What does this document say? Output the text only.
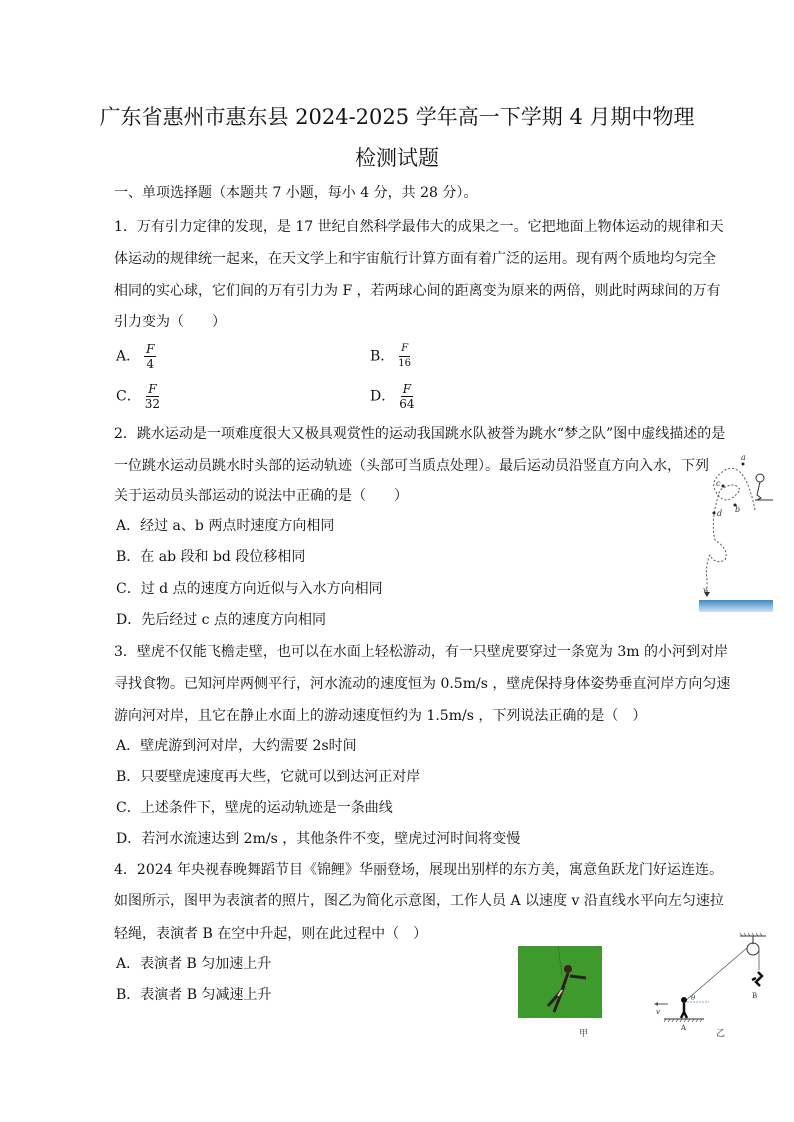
广东省惠州市惠东县 2024-2025 学年高一下学期 4 月期中物理
检测试题
一、单项选择题（本题共 7 小题，每小 4 分，共 28 分）。
1．万有引力定律的发现，是 17 世纪自然科学最伟大的成果之一。它把地面上物体运动的规律和天
体运动的规律统一起来，在天文学上和宇宙航行计算方面有着广泛的运用。现有两个质地均匀完全
相同的实心球，它们间的万有引力为 F ，若两球心间的距离变为原来的两倍，则此时两球间的万有
引力变为（　　）
A． $\frac{F}{4}$	B． $\frac{F}{16}$
C． $\frac{F}{32}$	D． $\frac{F}{64}$
2．跳水运动是一项难度很大又极具观赏性的运动我国跳水队被誉为跳水“梦之队”图中虚线描述的是
一位跳水运动员跳水时头部的运动轨迹（头部可当质点处理）。最后运动员沿竖直方向入水，下列
关于运动员头部运动的说法中正确的是（　　）
A．经过 a、b 两点时速度方向相同
B．在 ab 段和 bd 段位移相同
C．过 d 点的速度方向近似与入水方向相同
D．先后经过 c 点的速度方向相同
a
c
b
d
v
3．壁虎不仅能飞檐走壁，也可以在水面上轻松游动，有一只壁虎要穿过一条宽为 3m 的小河到对岸
寻找食物。已知河岸两侧平行，河水流动的速度恒为 0.5m/s ，壁虎保持身体姿势垂直河岸方向匀速
游向河对岸，且它在静止水面上的游动速度恒约为 1.5m/s ，下列说法正确的是（　）
A．壁虎游到河对岸，大约需要 2s时间
B．只要壁虎速度再大些，它就可以到达河正对岸
C．上述条件下，壁虎的运动轨迹是一条曲线
D．若河水流速达到 2m/s ，其他条件不变，壁虎过河时间将变慢
4．2024 年央视春晚舞蹈节目《锦鲤》华丽登场，展现出别样的东方美，寓意鱼跃龙门好运连连。
如图所示，图甲为表演者的照片，图乙为简化示意图，工作人员 A 以速度 v 沿直线水平向左匀速拉
轻绳，表演者 B 在空中升起，则在此过程中（　）
A．表演者 B 匀加速上升
B．表演者 B 匀减速上升
甲
θ
v
A
B
乙
